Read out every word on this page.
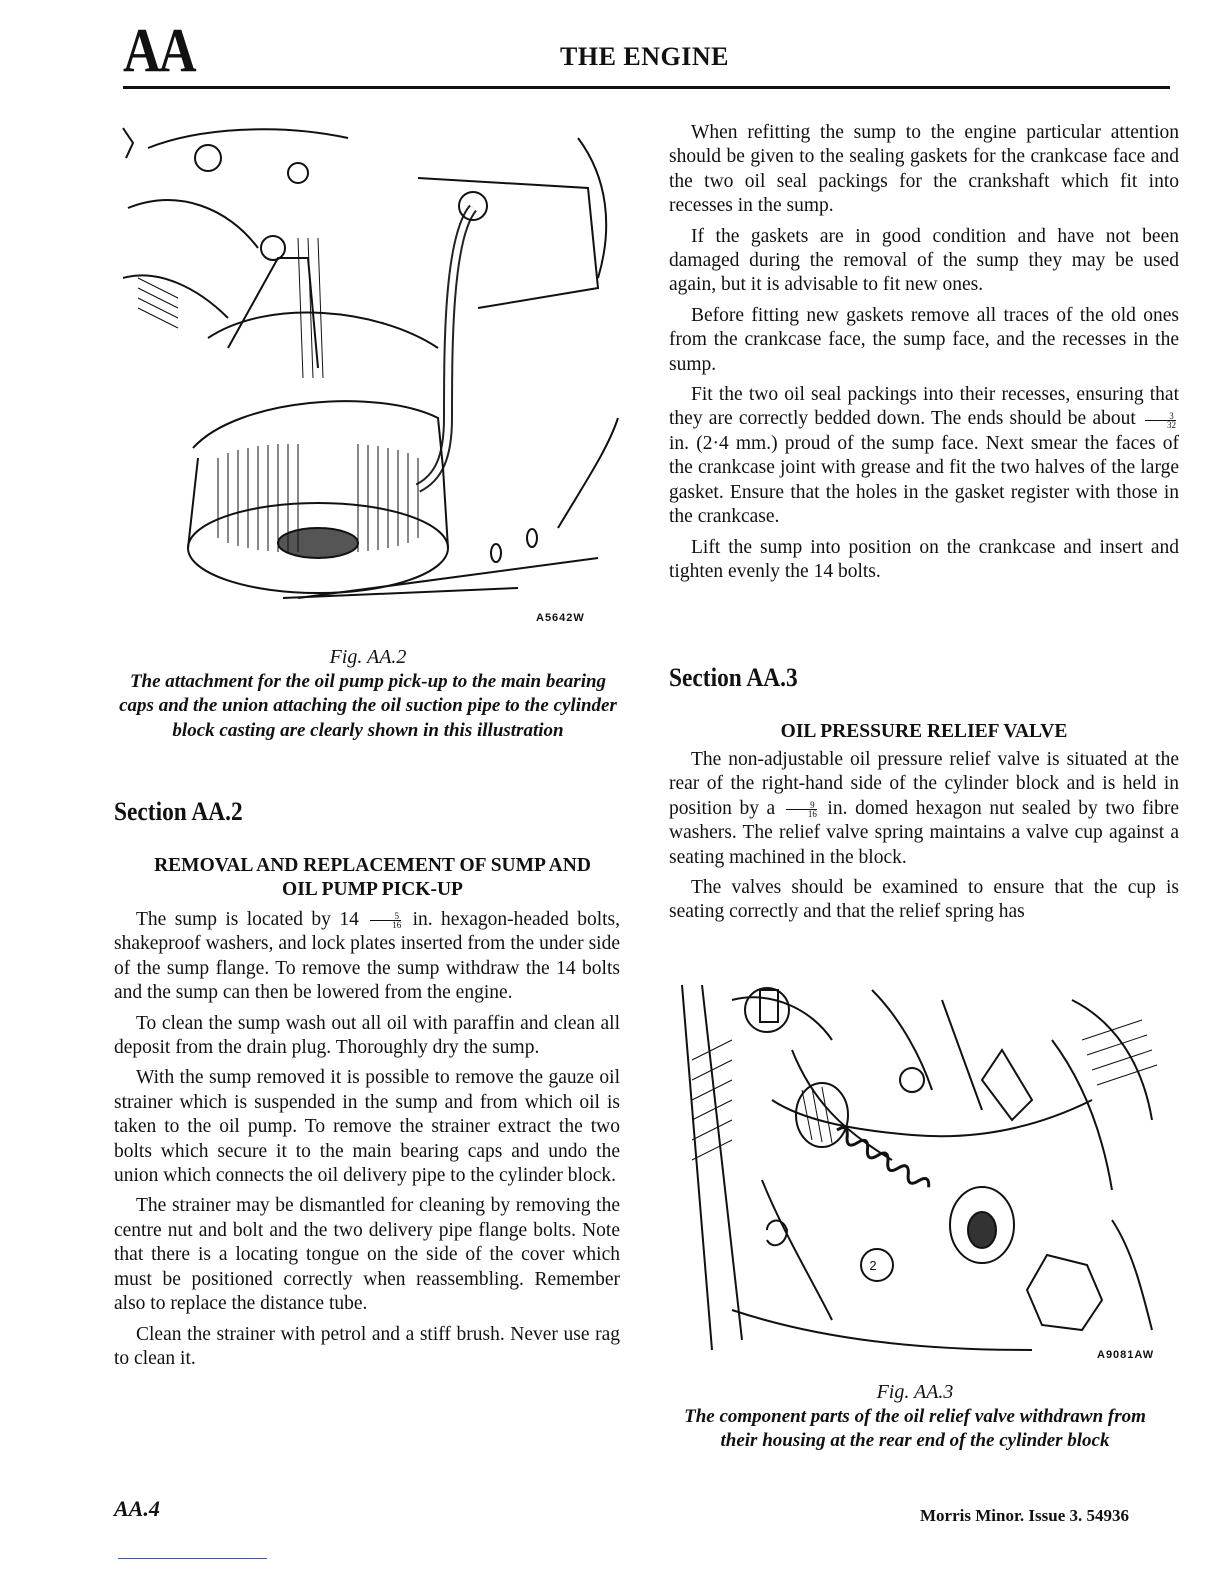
AA	THE ENGINE
A5642W
Fig. AA.2
The attachment for the oil pump pick-up to the main bearing caps and the union attaching the oil suction pipe to the cylinder block casting are clearly shown in this illustration
Section AA.2
REMOVAL AND REPLACEMENT OF SUMP AND OIL PUMP PICK-UP

The sump is located by $14 \frac{5}{16}$ in. hexagon-headed bolts, shakeproof washers, and lock plates inserted from the under side of the sump flange. To remove the sump withdraw the 14 bolts and the sump can then be lowered from the engine.

To clean the sump wash out all oil with paraffin and clean all deposit from the drain plug. Thoroughly dry the sump.

With the sump removed it is possible to remove the gauze oil strainer which is suspended in the sump and from which oil is taken to the oil pump. To remove the strainer extract the two bolts which secure it to the main bearing caps and undo the union which connects the oil delivery pipe to the cylinder block.

The strainer may be dismantled for cleaning by removing the centre nut and bolt and the two delivery pipe flange bolts. Note that there is a locating tongue on the side of the cover which must be positioned correctly when reassembling. Remember also to replace the distance tube.

Clean the strainer with petrol and a stiff brush. Never use rag to clean it.

When refitting the sump to the engine particular attention should be given to the sealing gaskets for the crankcase face and the two oil seal packings for the crankshaft which fit into recesses in the sump.

If the gaskets are in good condition and have not been damaged during the removal of the sump they may be used again, but it is advisable to fit new ones.

Before fitting new gaskets remove all traces of the old ones from the crankcase face, the sump face, and the recesses in the sump.

Fit the two oil seal packings into their recesses, ensuring that they are correctly bedded down. The ends should be about $\frac{3}{32}$
in. (2·4 mm.) proud of the sump face. Next smear the faces of the crankcase joint with grease and fit the two halves of the large gasket. Ensure that the holes in the gasket register with those in the crankcase.

Lift the sump into position on the crankcase and insert and tighten evenly the 14 bolts.

Section AA.3
OIL PRESSURE RELIEF VALVE

The non-adjustable oil pressure relief valve is situated at the rear of the right-hand side of the cylinder block and is held in position by a $\frac{9}{16}$ in. domed hexagon nut sealed by two fibre washers. The relief valve spring maintains a valve cup against a seating machined in the block.

The valves should be examined to ensure that the cup is seating correctly and that the relief spring has

2
A9081AW
Fig. AA.3
The component parts of the oil relief valve withdrawn from their housing at the rear end of the cylinder block
AA.4	Morris Minor. Issue 3. 54936
